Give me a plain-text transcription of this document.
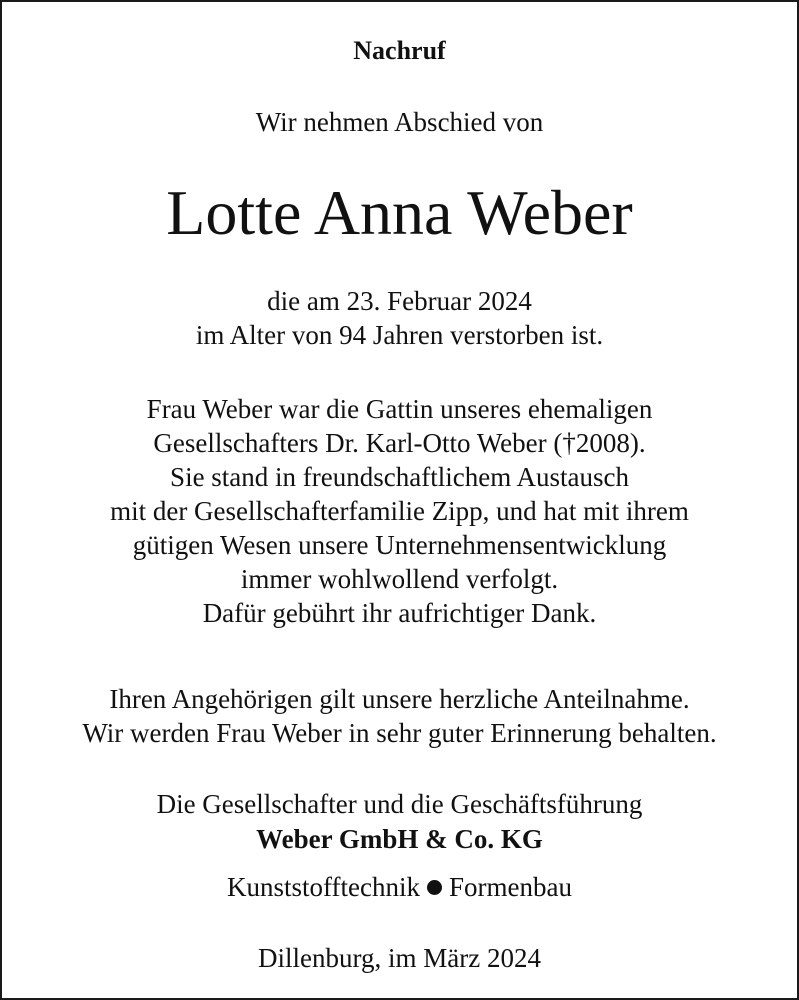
Nachruf
Wir nehmen Abschied von
Lotte Anna Weber
die am 23. Februar 2024
im Alter von 94 Jahren verstorben ist.
Frau Weber war die Gattin unseres ehemaligen
Gesellschafters Dr. Karl-Otto Weber (†2008).
Sie stand in freundschaftlichem Austausch
mit der Gesellschafterfamilie Zipp, und hat mit ihrem
gütigen Wesen unsere Unternehmensentwicklung
immer wohlwollend verfolgt.
Dafür gebührt ihr aufrichtiger Dank.
Ihren Angehörigen gilt unsere herzliche Anteilnahme.
Wir werden Frau Weber in sehr guter Erinnerung behalten.
Die Gesellschafter und die Geschäftsführung
Weber GmbH & Co. KG
Kunststofftechnik Formenbau
Dillenburg, im März 2024
